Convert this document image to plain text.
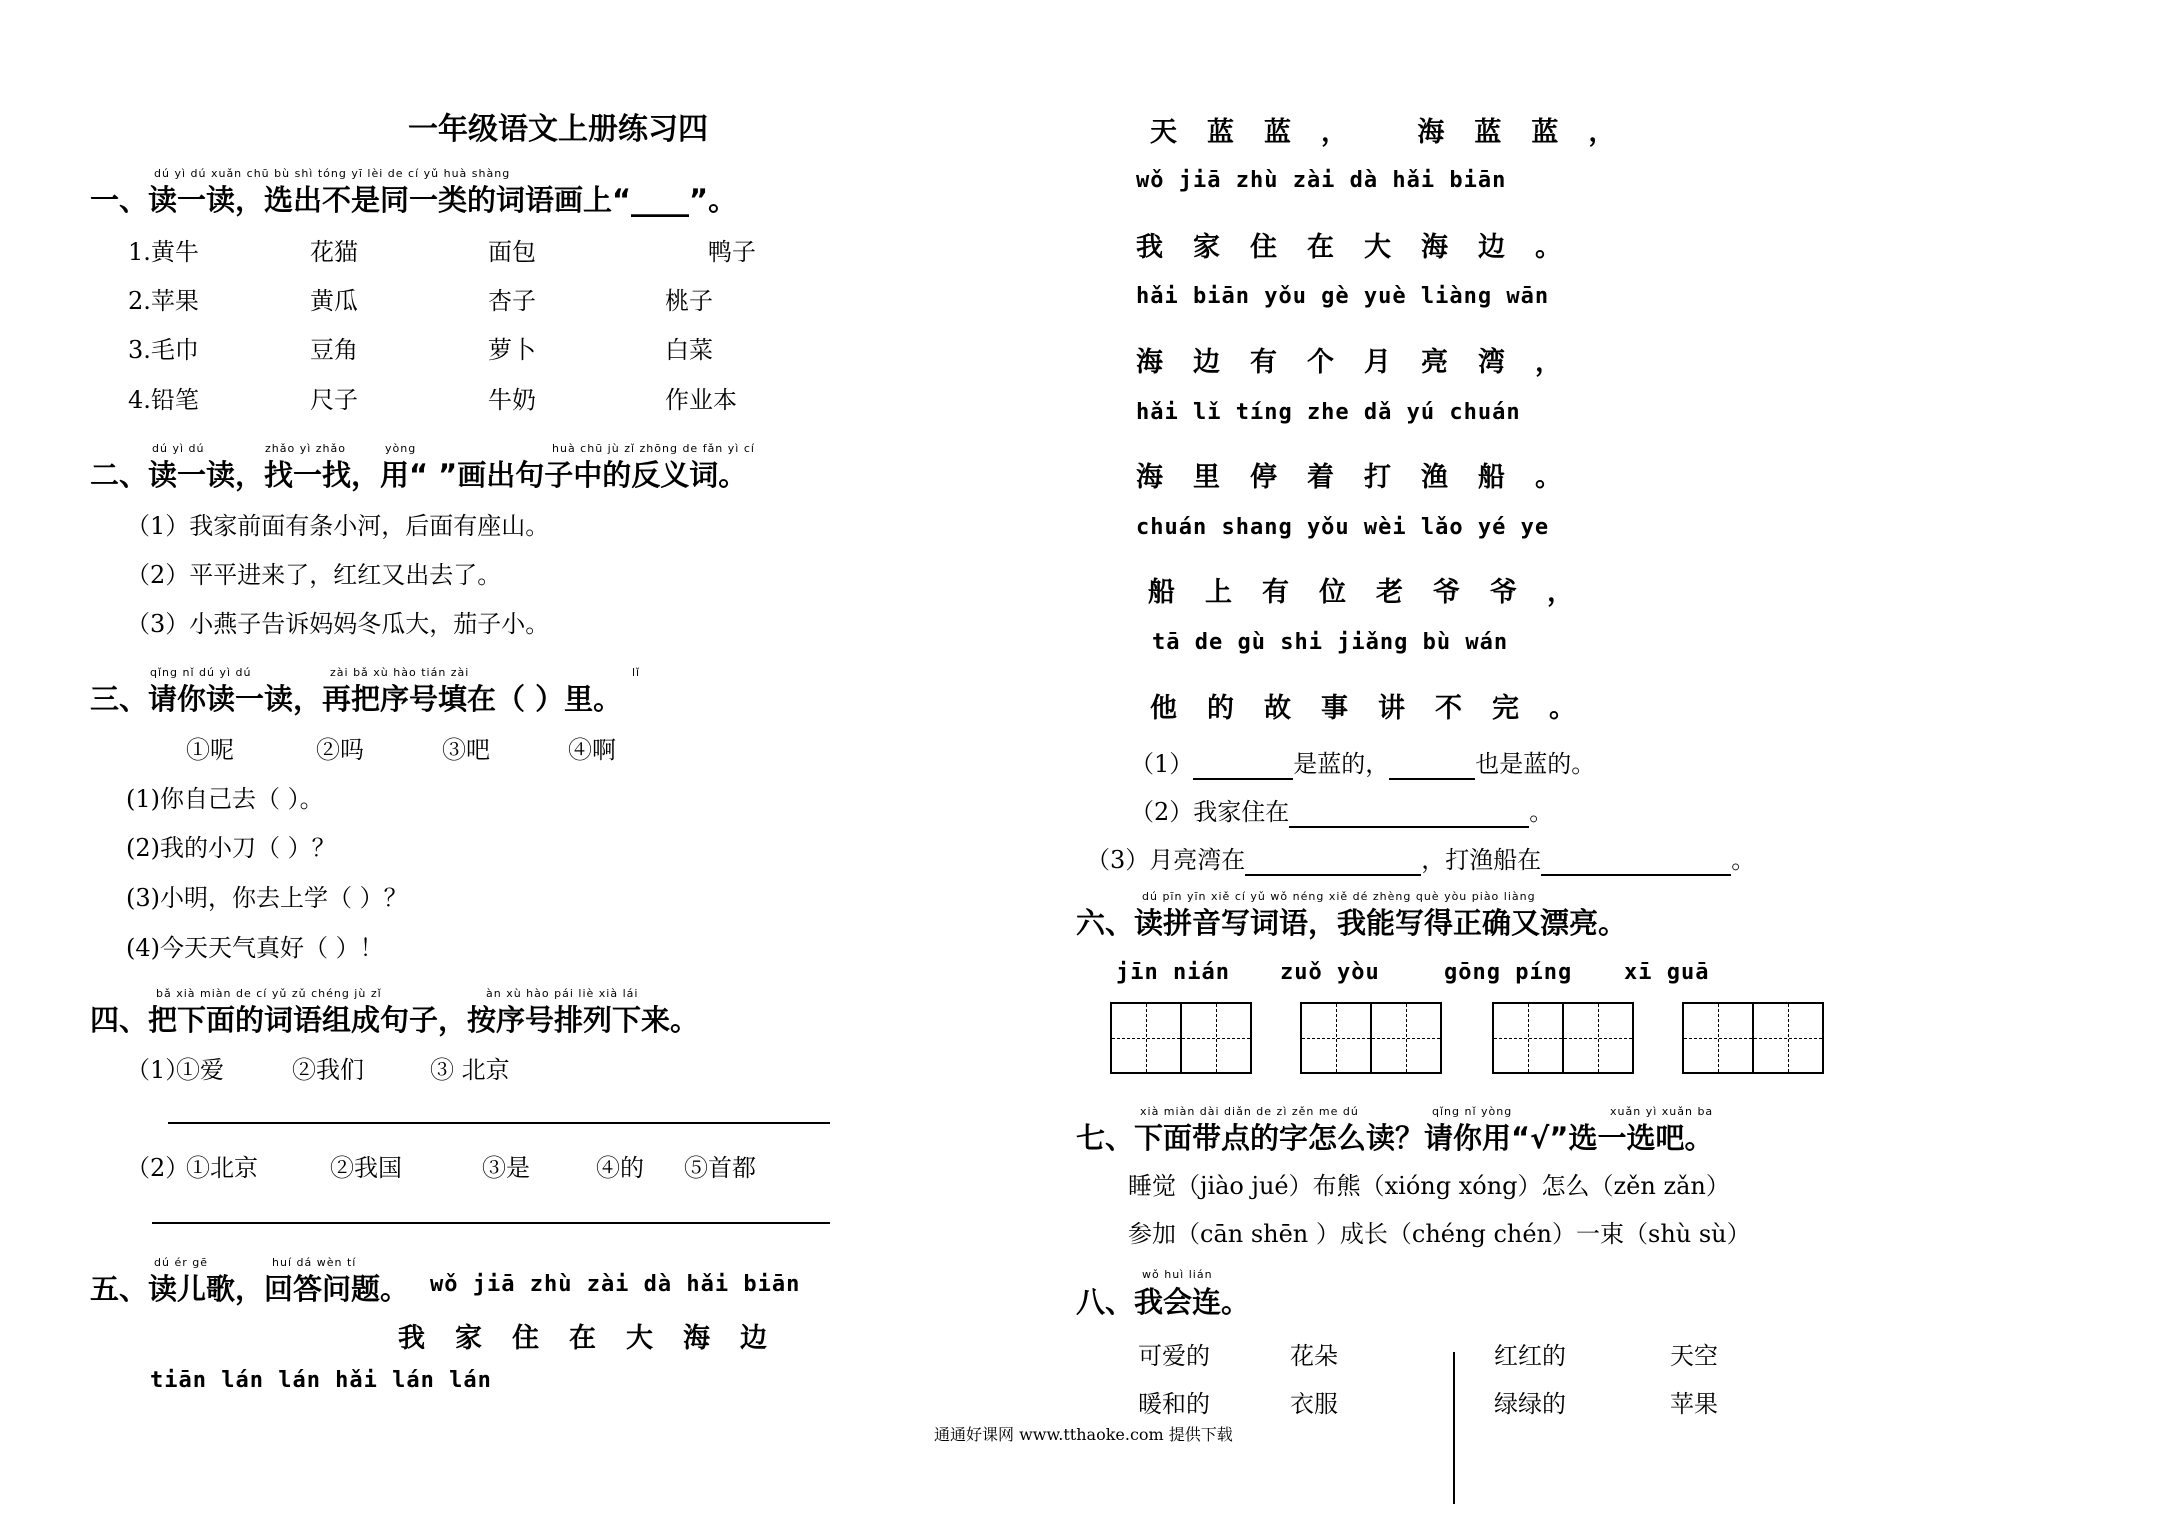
一年级语文上册练习四
dú yì dú xuǎn chū bù shì tóng yī lèi de cí yǔ huà shàng
一、读一读，选出不是同一类的词语画上“____”。
1.黄牛	花猫	面包	鸭子
2.苹果	黄瓜	杏子	桃子
3.毛巾	豆角	萝卜	白菜
4.铅笔	尺子	牛奶	作业本
dú yì dú	zhǎo yì zhǎo	yòng	huà chū jù zǐ zhōng de fǎn yì cí
二、读一读，找一找，用“ ”画出句子中的反义词。
（1）我家前面有条小河，后面有座山。
（2）平平进来了，红红又出去了。
（3）小燕子告诉妈妈冬瓜大，茄子小。
qǐng nǐ dú yì dú	zài bǎ xù hào tián zài	lǐ
三、请你读一读，再把序号填在（ ）里。
①呢	②吗	③吧	④啊
(1)你自己去（ ）。
(2)我的小刀（ ）？
(3)小明，你去上学（ ）？
(4)今天天气真好（ ）！
bǎ xià miàn de cí yǔ zǔ chéng jù zǐ	àn xù hào pái liè xià lái
四、把下面的词语组成句子，按序号排列下来。
（1）
①爱	②我们	③ 北京
（2）
①北京	②我国	③是	④的 ⑤首都
dú ér gē	huí dá wèn tí
五、读儿歌，回答问题。 wǒ jiā zhù zài dà hǎi biān
我家住在大海边
tiān lán lán hǎi lán lán
天蓝蓝， 海蓝蓝，
wǒ jiā zhù zài dà hǎi biān
我家住在大海边。
hǎi biān yǒu gè yuè liàng wān
海边有个月亮湾，
hǎi lǐ tíng zhe dǎ yú chuán
海里停着打渔船。
chuán shang yǒu wèi lǎo yé ye
船上有位老爷爷，
tā de gù shi jiǎng bù wán
他的故事讲不完。
（1）	是蓝的，	也是蓝的。
（2）我家住在	。
（3）月亮湾在	，打渔船在	。
dú pīn yīn xiě cí yǔ wǒ néng xiě dé zhèng què yòu piào liàng
六、读拼音写词语，我能写得正确又漂亮。
jīn nián zuǒ yòu	gōng píng xī guā
xià miàn dài diǎn de zì zěn me dú	qǐng nǐ yòng	xuǎn yì xuǎn ba
七、下面带点的字怎么读？请你用“√”选一选吧。
睡觉（jiào jué）布熊（xióng xóng）怎么（zěn zǎn）
参加（cān shēn ）成长（chéng chén）一束（shù sù）
wǒ huì lián
八、我会连。
可爱的	花朵	红红的	天空
暖和的	衣服	绿绿的	苹果
通通好课网 www.tthaoke.com 提供下载
